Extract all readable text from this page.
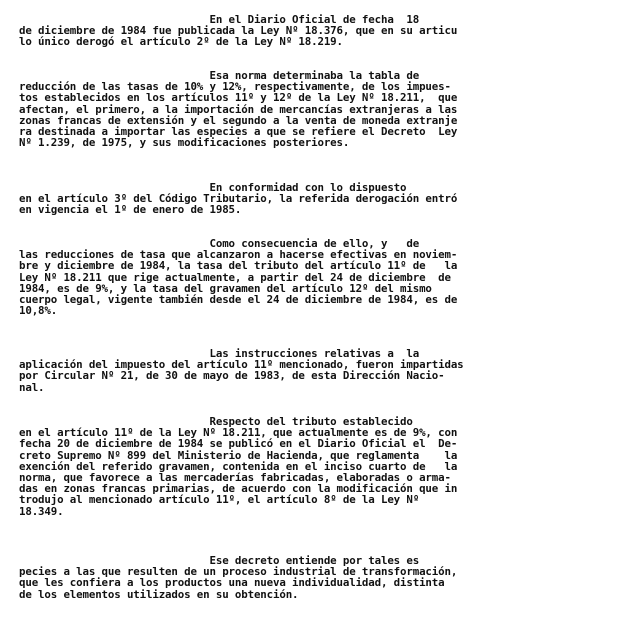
En el Diario Oficial de fecha  18
de diciembre de 1984 fue publicada la Ley Nº 18.376, que en su articu
lo único derogó el artículo 2º de la Ley Nº 18.219.
Esa norma determinaba la tabla de
reducción de las tasas de 10% y 12%, respectivamente, de los impues-
tos establecidos en los artículos 11º y 12º de la Ley Nº 18.211,  que
afectan, el primero, a la importación de mercancías extranjeras a las
zonas francas de extensión y el segundo a la venta de moneda extranje
ra destinada a importar las especies a que se refiere el Decreto  Ley
Nº 1.239, de 1975, y sus modificaciones posteriores.
En conformidad con lo dispuesto
en el artículo 3º del Código Tributario, la referida derogación entró
en vigencia el 1º de enero de 1985.
Como consecuencia de ello, y   de
las reducciones de tasa que alcanzaron a hacerse efectivas en noviem-
bre y diciembre de 1984, la tasa del tributo del artículo 11º de   la
Ley Nº 18.211 que rige actualmente, a partir del 24 de diciembre  de
1984, es de 9%, y la tasa del gravamen del artículo 12º del mismo
cuerpo legal, vigente también desde el 24 de diciembre de 1984, es de
10,8%.
Las instrucciones relativas a  la
aplicación del impuesto del artículo 11º mencionado, fueron impartidas
por Circular Nº 21, de 30 de mayo de 1983, de esta Dirección Nacio-
nal.
Respecto del tributo establecido
en el artículo 11º de la Ley Nº 18.211, que actualmente es de 9%, con
fecha 20 de diciembre de 1984 se publicó en el Diario Oficial el  De-
creto Supremo Nº 899 del Ministerio de Hacienda, que reglamenta    la
exención del referido gravamen, contenida en el inciso cuarto de   la
norma, que favorece a las mercaderías fabricadas, elaboradas o arma-
das en zonas francas primarias, de acuerdo con la modificación que in
trodujo al mencionado artículo 11º, el artículo 8º de la Ley Nº
18.349.
Ese decreto entiende por tales es
pecies a las que resulten de un proceso industrial de transformación,
que les confiera a los productos una nueva individualidad, distinta
de los elementos utilizados en su obtención.
